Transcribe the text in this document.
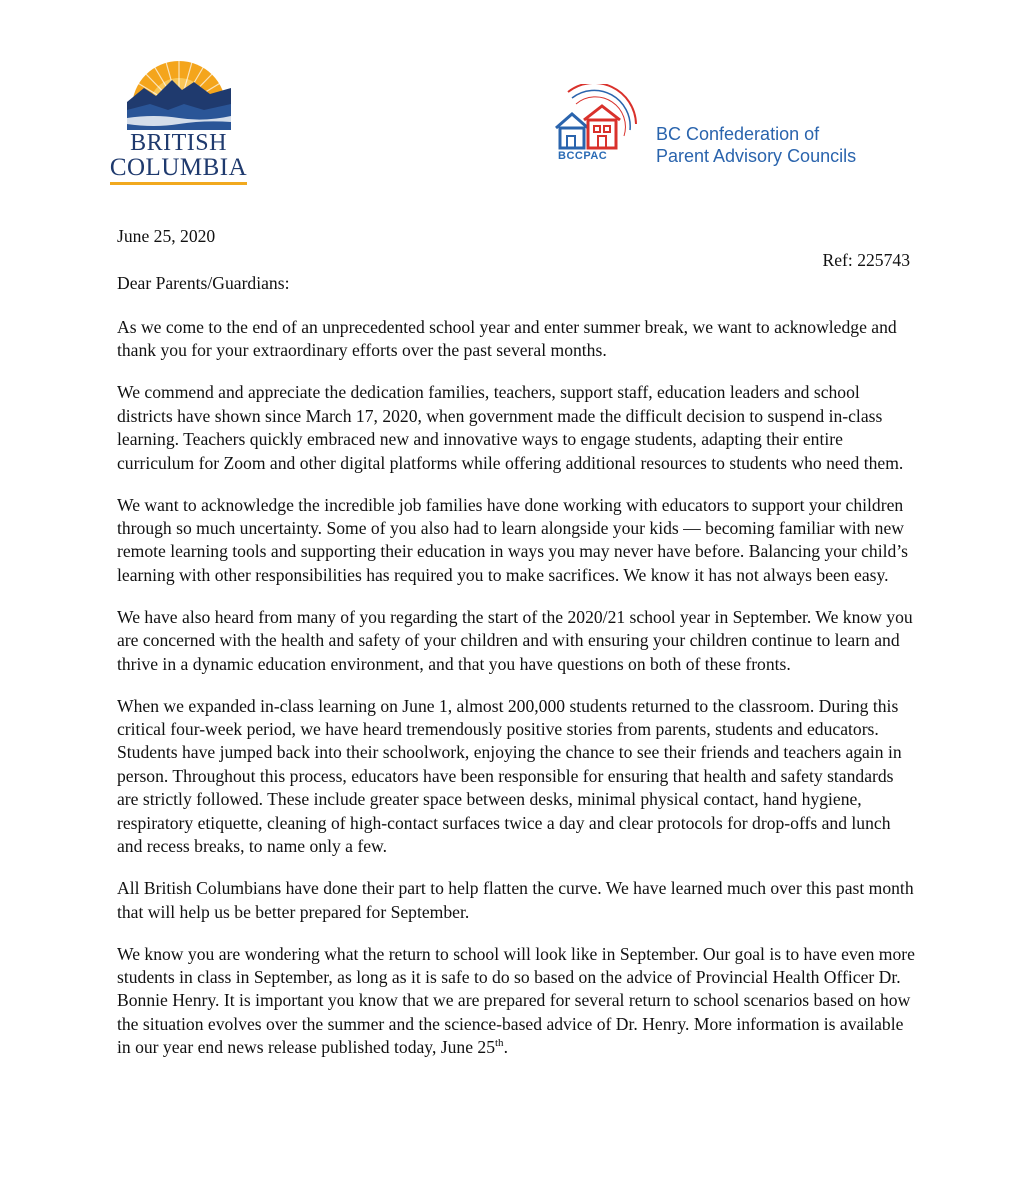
BRITISH
COLUMBIA	BCCPAC
BC Confederation of
Parent Advisory Councils
June 25, 2020
Ref: 225743
Dear Parents/Guardians:

As we come to the end of an unprecedented school year and enter summer break, we want to acknowledge and thank you for your extraordinary efforts over the past several months.

We commend and appreciate the dedication families, teachers, support staff, education leaders and school districts have shown since March 17, 2020, when government made the difficult decision to suspend in-class learning. Teachers quickly embraced new and innovative ways to engage students, adapting their entire curriculum for Zoom and other digital platforms while offering additional resources to students who need them.

We want to acknowledge the incredible job families have done working with educators to support your children through so much uncertainty. Some of you also had to learn alongside your kids — becoming familiar with new remote learning tools and supporting their education in ways you may never have before. Balancing your child’s learning with other responsibilities has required you to make sacrifices. We know it has not always been easy.

We have also heard from many of you regarding the start of the 2020/21 school year in September. We know you are concerned with the health and safety of your children and with ensuring your children continue to learn and thrive in a dynamic education environment, and that you have questions on both of these fronts.

When we expanded in-class learning on June 1, almost 200,000 students returned to the classroom. During this critical four-week period, we have heard tremendously positive stories from parents, students and educators. Students have jumped back into their schoolwork, enjoying the chance to see their friends and teachers again in person. Throughout this process, educators have been responsible for ensuring that health and safety standards are strictly followed. These include greater space between desks, minimal physical contact, hand hygiene, respiratory etiquette, cleaning of high-contact surfaces twice a day and clear protocols for drop-offs and lunch and recess breaks, to name only a few.

All British Columbians have done their part to help flatten the curve. We have learned much over this past month that will help us be better prepared for September.

We know you are wondering what the return to school will look like in September. Our goal is to have even more students in class in September, as long as it is safe to do so based on the advice of Provincial Health Officer Dr. Bonnie Henry. It is important you know that we are prepared for several return to school scenarios based on how the situation evolves over the summer and the science-based advice of Dr. Henry. More information is available in our year end news release published today, June 25th.
